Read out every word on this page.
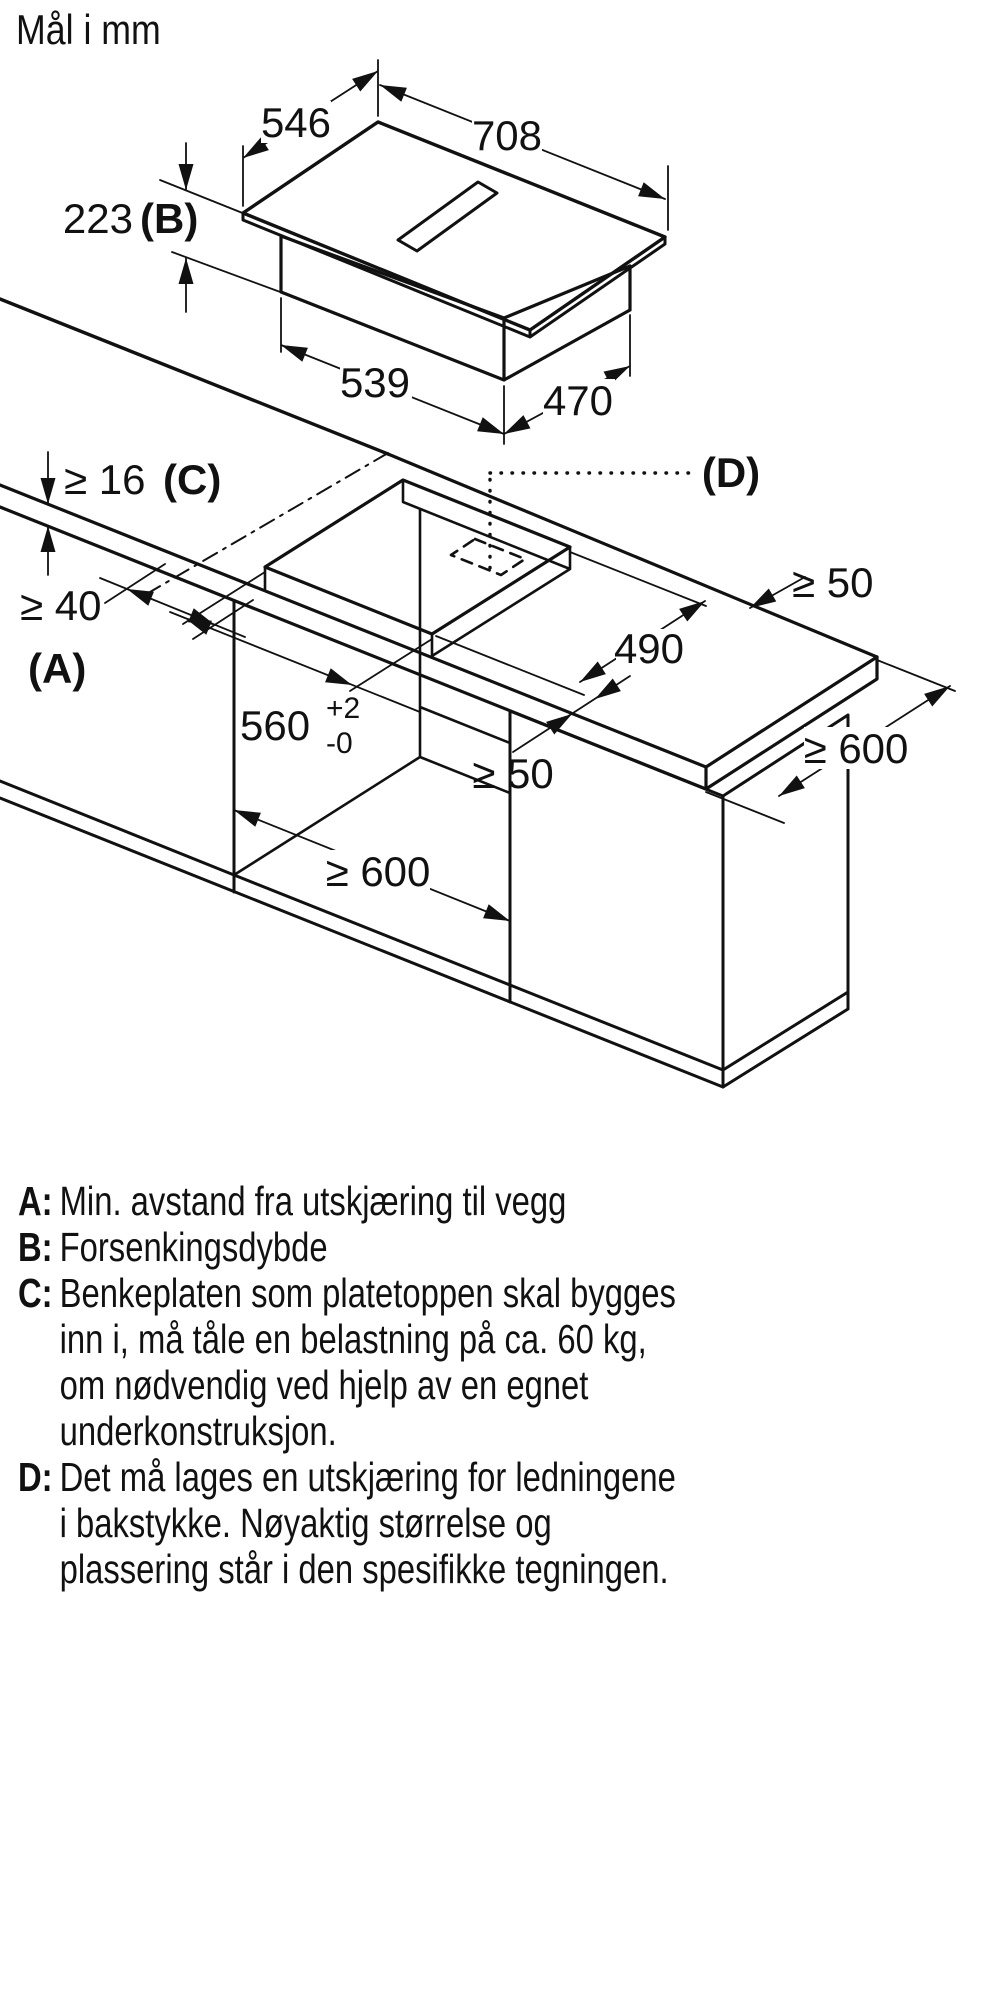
Mål i mm
546	708
223 (B)
539	470
≥ 16 (C)
≥ 40
(A)
560 +2
-0
490
≥ 50
≥ 50
≥ 600
≥ 600
(D)
A: Min. avstand fra utskjæring til vegg
B: Forsenkingsdybde
C: Benkeplaten som platetoppen skal bygges
inn i, må tåle en belastning på ca. 60 kg,
om nødvendig ved hjelp av en egnet
underkonstruksjon.
D: Det må lages en utskjæring for ledningene
i bakstykke. Nøyaktig størrelse og
plassering står i den spesifikke tegningen.
